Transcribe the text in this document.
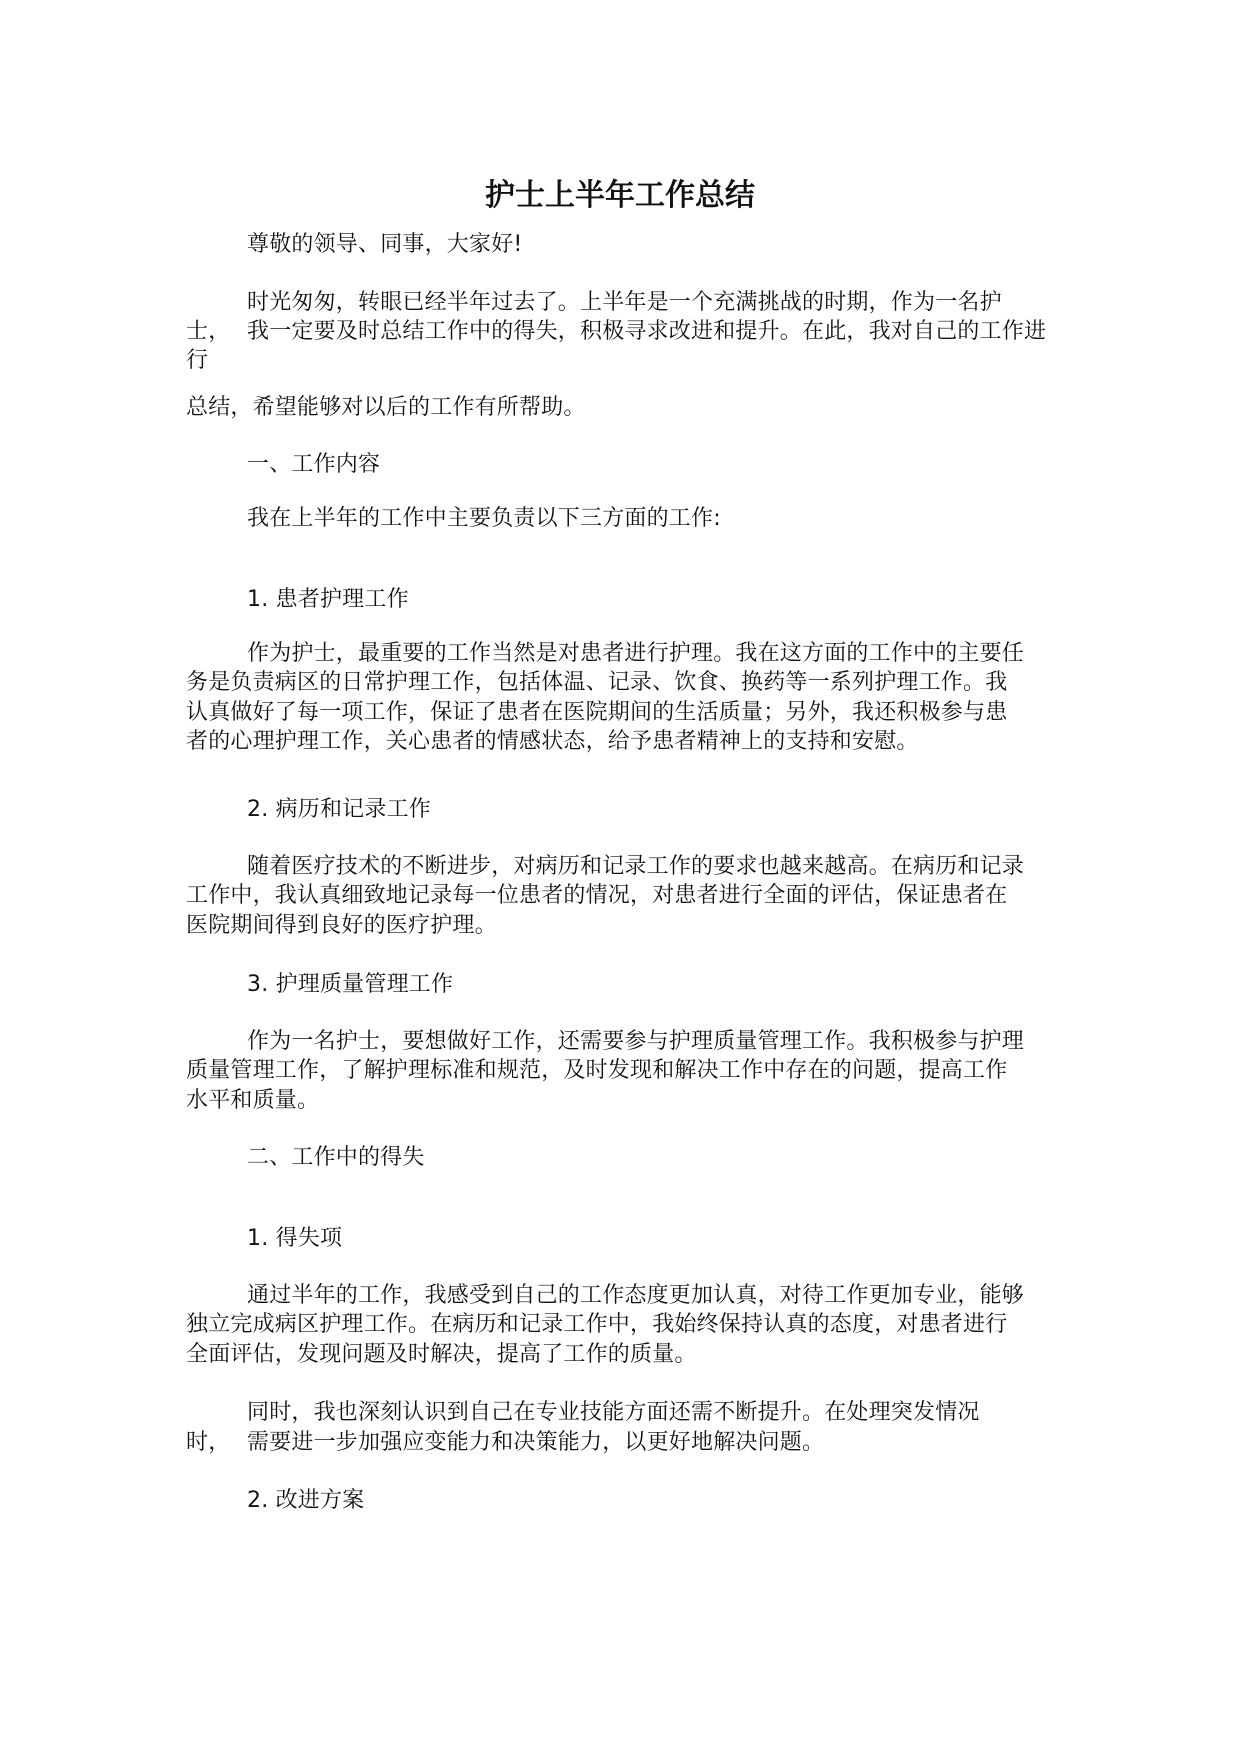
护士上半年工作总结

尊敬的领导、同事，大家好!

时光匆匆，转眼已经半年过去了。上半年是一个充满挑战的时期，作为一名护

士， 我一定要及时总结工作中的得失，积极寻求改进和提升。在此，我对自己的工作进

行

总结，希望能够对以后的工作有所帮助。

一、工作内容

我在上半年的工作中主要负责以下三方面的工作:

1. 患者护理工作

作为护士，最重要的工作当然是对患者进行护理。我在这方面的工作中的主要任

务是负责病区的日常护理工作，包括体温、记录、饮食、换药等一系列护理工作。我

认真做好了每一项工作，保证了患者在医院期间的生活质量；另外，我还积极参与患

者的心理护理工作，关心患者的情感状态，给予患者精神上的支持和安慰。

2. 病历和记录工作

随着医疗技术的不断进步，对病历和记录工作的要求也越来越高。在病历和记录

工作中，我认真细致地记录每一位患者的情况，对患者进行全面的评估，保证患者在

医院期间得到良好的医疗护理。

3. 护理质量管理工作

作为一名护士，要想做好工作，还需要参与护理质量管理工作。我积极参与护理

质量管理工作，了解护理标准和规范，及时发现和解决工作中存在的问题，提高工作

水平和质量。

二、工作中的得失

1. 得失项

通过半年的工作，我感受到自己的工作态度更加认真，对待工作更加专业，能够

独立完成病区护理工作。在病历和记录工作中，我始终保持认真的态度，对患者进行

全面评估，发现问题及时解决，提高了工作的质量。

同时，我也深刻认识到自己在专业技能方面还需不断提升。在处理突发情况

时， 需要进一步加强应变能力和决策能力，以更好地解决问题。

2. 改进方案
